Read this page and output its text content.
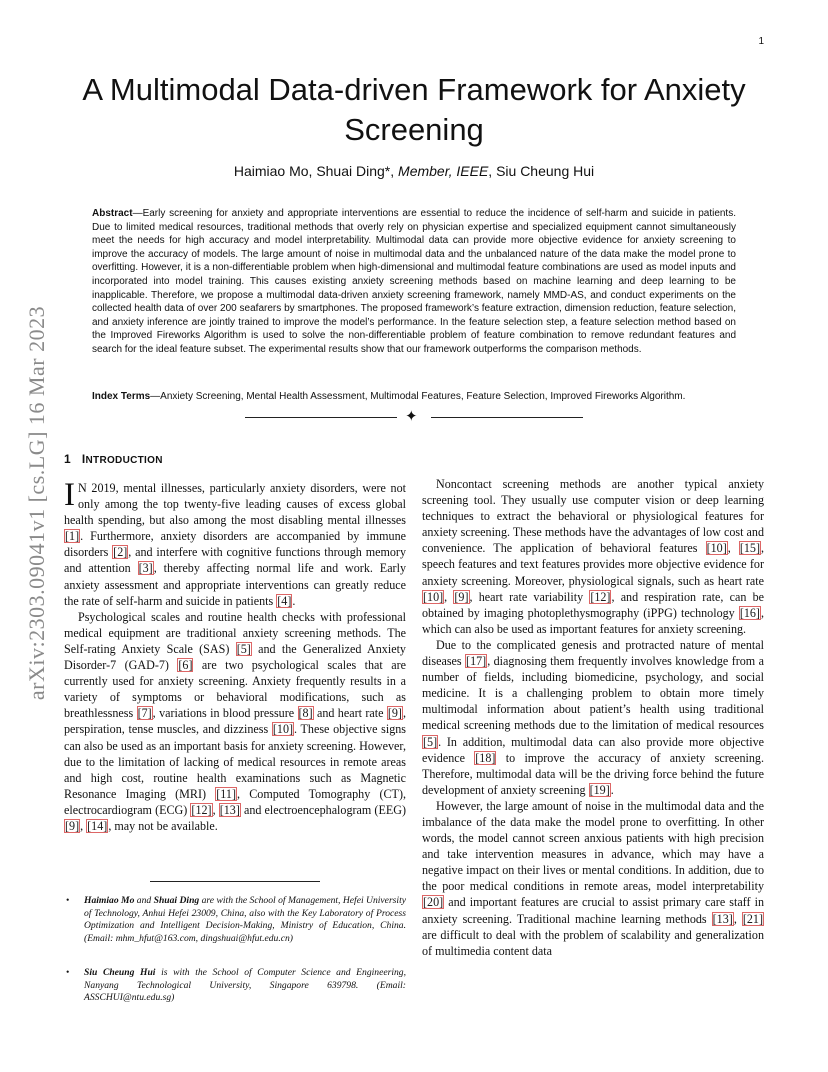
1
arXiv:2303.09041v1 [cs.LG] 16 Mar 2023
A Multimodal Data-driven Framework for Anxiety Screening
Haimiao Mo, Shuai Ding*, Member, IEEE, Siu Cheung Hui
Abstract—Early screening for anxiety and appropriate interventions are essential to reduce the incidence of self-harm and suicide in patients. Due to limited medical resources, traditional methods that overly rely on physician expertise and specialized equipment cannot simultaneously meet the needs for high accuracy and model interpretability. Multimodal data can provide more objective evidence for anxiety screening to improve the accuracy of models. The large amount of noise in multimodal data and the unbalanced nature of the data make the model prone to overfitting. However, it is a non-differentiable problem when high-dimensional and multimodal feature combinations are used as model inputs and incorporated into model training. This causes existing anxiety screening methods based on machine learning and deep learning to be inapplicable. Therefore, we propose a multimodal data-driven anxiety screening framework, namely MMD-AS, and conduct experiments on the collected health data of over 200 seafarers by smartphones. The proposed framework’s feature extraction, dimension reduction, feature selection, and anxiety inference are jointly trained to improve the model’s performance. In the feature selection step, a feature selection method based on the Improved Fireworks Algorithm is used to solve the non-differentiable problem of feature combination to remove redundant features and search for the ideal feature subset. The experimental results show that our framework outperforms the comparison methods.
Index Terms—Anxiety Screening, Mental Health Assessment, Multimodal Features, Feature Selection, Improved Fireworks Algorithm.
✦
1 INTRODUCTION

I N 2019, mental illnesses, particularly anxiety disorders, were not only among the top twenty-five leading causes of excess global health spending, but also among the most disabling mental illnesses [1]. Furthermore, anxiety disorders are accompanied by immune disorders [2], and interfere with cognitive functions through memory and attention [3], thereby affecting normal life and work. Early anxiety assessment and appropriate interventions can greatly reduce the rate of self-harm and suicide in patients [4].

Psychological scales and routine health checks with professional medical equipment are traditional anxiety screening methods. The Self-rating Anxiety Scale (SAS) [5] and the Generalized Anxiety Disorder-7 (GAD-7) [6] are two psychological scales that are currently used for anxiety screening. Anxiety frequently results in a variety of symptoms or behavioral modifications, such as breathlessness [7], variations in blood pressure [8] and heart rate [9], perspiration, tense muscles, and dizziness [10]. These objective signs can also be used as an important basis for anxiety screening. However, due to the limitation of lacking of medical resources in remote areas and high cost, routine health examinations such as Magnetic Resonance Imaging (MRI) [11], Computed Tomography (CT), electrocardiogram (ECG) [12], [13] and electroencephalogram (EEG) [9], [14], may not be available.

• Haimiao Mo and Shuai Ding are with the School of Management, Hefei University of Technology, Anhui Hefei 23009, China, also with the Key Laboratory of Process Optimization and Intelligent Decision-Making, Ministry of Education, China. (Email: mhm_hfut@163.com, dingshuai@hfut.edu.cn)
• Siu Cheung Hui is with the School of Computer Science and Engineering, Nanyang Technological University, Singapore 639798. (Email: ASSCHUI@ntu.edu.sg)

Noncontact screening methods are another typical anxiety screening tool. They usually use computer vision or deep learning techniques to extract the behavioral or physiological features for anxiety screening. These methods have the advantages of low cost and convenience. The application of behavioral features [10], [15], speech features and text features provides more objective evidence for anxiety screening. Moreover, physiological signals, such as heart rate [10], [9], heart rate variability [12], and respiration rate, can be obtained by imaging photoplethysmography (iPPG) technology [16], which can also be used as important features for anxiety screening.

Due to the complicated genesis and protracted nature of mental diseases [17], diagnosing them frequently involves knowledge from a number of fields, including biomedicine, psychology, and social medicine. It is a challenging problem to obtain more timely multimodal information about patient’s health using traditional medical screening methods due to the limitation of medical resources [5]. In addition, multimodal data can also provide more objective evidence [18] to improve the accuracy of anxiety screening. Therefore, multimodal data will be the driving force behind the future development of anxiety screening [19].

However, the large amount of noise in the multimodal data and the imbalance of the data make the model prone to overfitting. In other words, the model cannot screen anxious patients with high precision and take intervention measures in advance, which may have a negative impact on their lives or mental conditions. In addition, due to the poor medical conditions in remote areas, model interpretability [20] and important features are crucial to assist primary care staff in anxiety screening. Traditional machine learning methods [13], [21] are difficult to deal with the problem of scalability and generalization of multimedia content data
